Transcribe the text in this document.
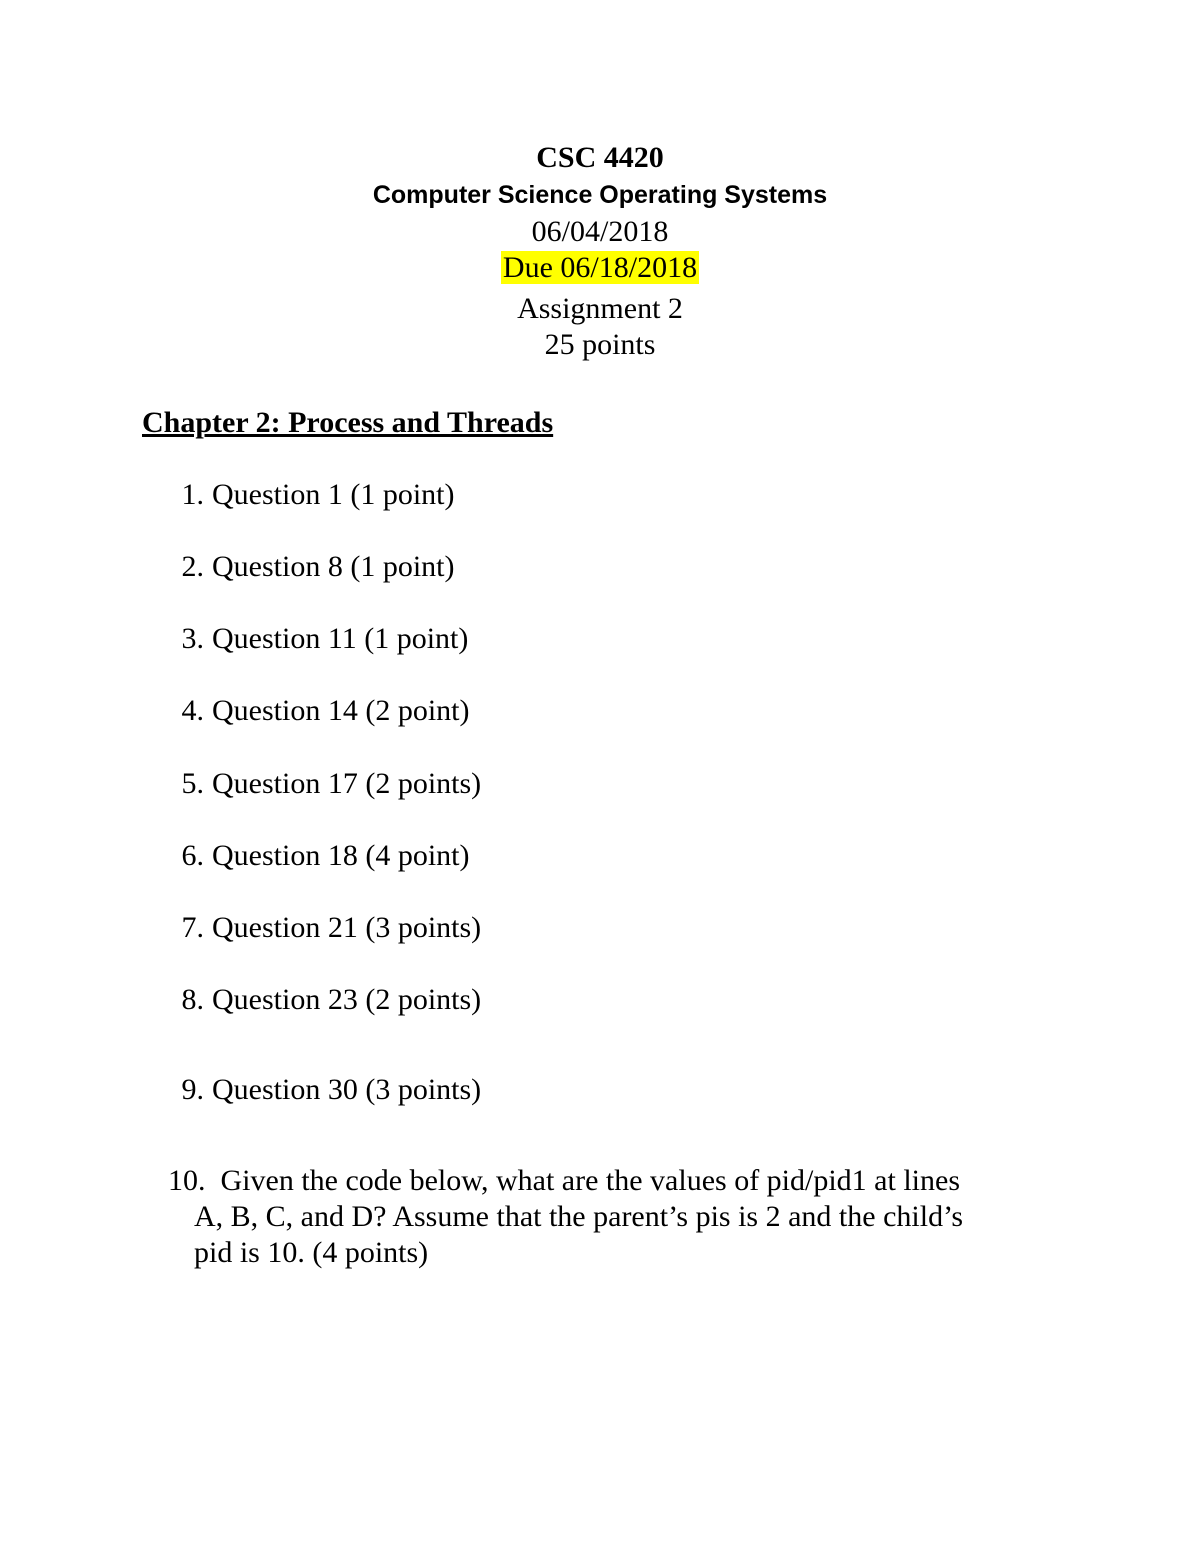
CSC 4420
Computer Science Operating Systems
06/04/2018
Due 06/18/2018
Assignment 2
25 points
Chapter 2: Process and Threads
1. Question 1 (1 point)
2. Question 8 (1 point)
3. Question 11 (1 point)
4. Question 14 (2 point)
5. Question 17 (2 points)
6. Question 18 (4 point)
7. Question 21 (3 points)
8. Question 23 (2 points)
9. Question 30 (3 points)
10. Given the code below, what are the values of pid/pid1 at lines
A, B, C, and D? Assume that the parent’s pis is 2 and the child’s
pid is 10. (4 points)
